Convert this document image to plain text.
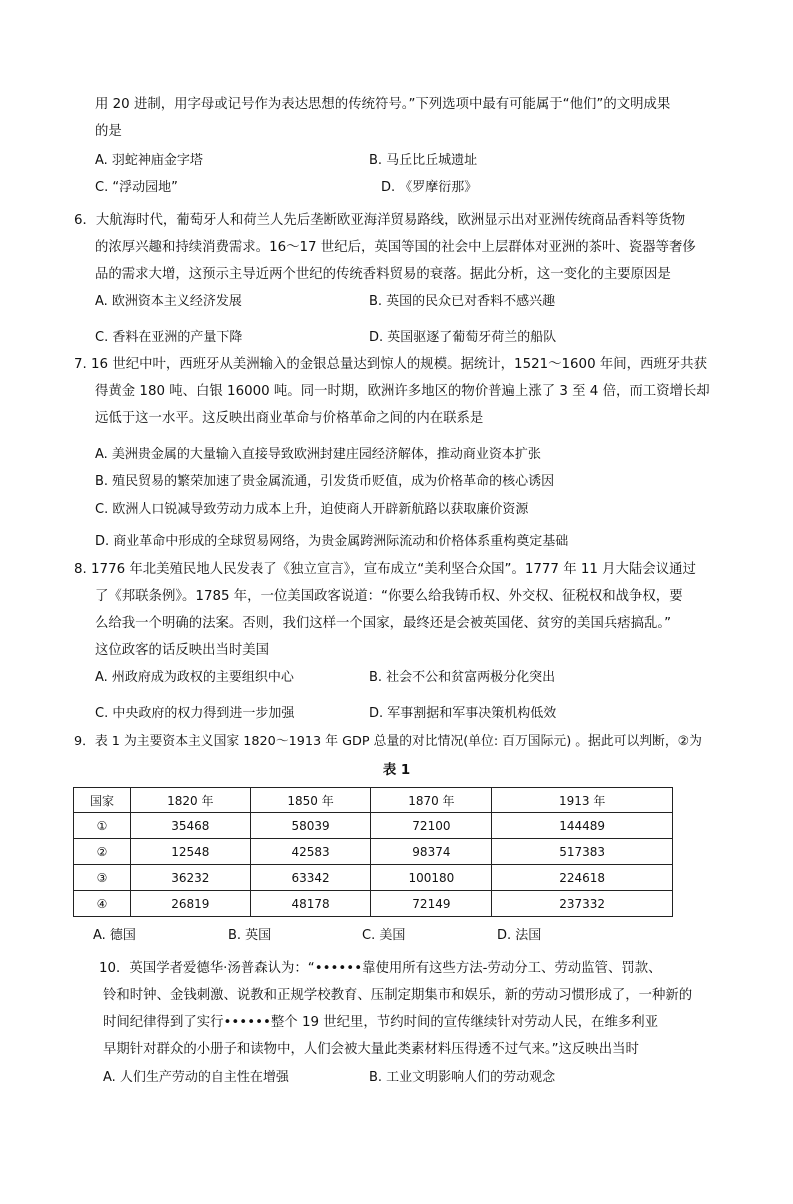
用 20 进制，用字母或记号作为表达思想的传统符号。”下列选项中最有可能属于“他们”的文明成果
的是
A. 羽蛇神庙金字塔	B. 马丘比丘城遗址
C. “浮动园地”	D. 《罗摩衍那》
6．大航海时代，葡萄牙人和荷兰人先后垄断欧亚海洋贸易路线，欧洲显示出对亚洲传统商品香料等货物
的浓厚兴趣和持续消费需求。16～17 世纪后，英国等国的社会中上层群体对亚洲的茶叶、瓷器等奢侈
品的需求大增，这预示主导近两个世纪的传统香料贸易的衰落。据此分析，这一变化的主要原因是
A. 欧洲资本主义经济发展	B. 英国的民众已对香料不感兴趣
C. 香料在亚洲的产量下降	D. 英国驱逐了葡萄牙荷兰的船队
7. 16 世纪中叶，西班牙从美洲输入的金银总量达到惊人的规模。据统计，1521～1600 年间，西班牙共获
得黄金 180 吨、白银 16000 吨。同一时期，欧洲许多地区的物价普遍上涨了 3 至 4 倍，而工资增长却
远低于这一水平。这反映出商业革命与价格革命之间的内在联系是
A. 美洲贵金属的大量输入直接导致欧洲封建庄园经济解体，推动商业资本扩张
B. 殖民贸易的繁荣加速了贵金属流通，引发货币贬值，成为价格革命的核心诱因
C. 欧洲人口锐减导致劳动力成本上升，迫使商人开辟新航路以获取廉价资源
D. 商业革命中形成的全球贸易网络，为贵金属跨洲际流动和价格体系重构奠定基础
8. 1776 年北美殖民地人民发表了《独立宣言》，宣布成立“美利坚合众国”。1777 年 11 月大陆会议通过
了《邦联条例》。1785 年，一位美国政客说道：“你要么给我铸币权、外交权、征税权和战争权，要
么给我一个明确的法案。否则，我们这样一个国家，最终还是会被英国佬、贫穷的美国兵痞搞乱。”
这位政客的话反映出当时美国
A. 州政府成为政权的主要组织中心	B. 社会不公和贫富两极分化突出
C. 中央政府的权力得到进一步加强	D. 军事割据和军事决策机构低效
9．表 1 为主要资本主义国家 1820～1913 年 GDP 总量的对比情况(单位: 百万国际元) 。据此可以判断，②为
表 1
国家	1820 年	1850 年	1870 年	1913 年
①	35468	58039	72100	144489
②	12548	42583	98374	517383
③	36232	63342	100180	224618
④	26819	48178	72149	237332
A. 德国	B. 英国	C. 美国	D. 法国
10．英国学者爱德华·汤普森认为：“••••••靠使用所有这些方法-劳动分工、劳动监管、罚款、
铃和时钟、金钱刺激、说教和正规学校教育、压制定期集市和娱乐，新的劳动习惯形成了，一种新的
时间纪律得到了实行••••••整个 19 世纪里，节约时间的宣传继续针对劳动人民，在维多利亚
早期针对群众的小册子和读物中，人们会被大量此类素材料压得透不过气来。”这反映出当时
A. 人们生产劳动的自主性在增强	B. 工业文明影响人们的劳动观念
